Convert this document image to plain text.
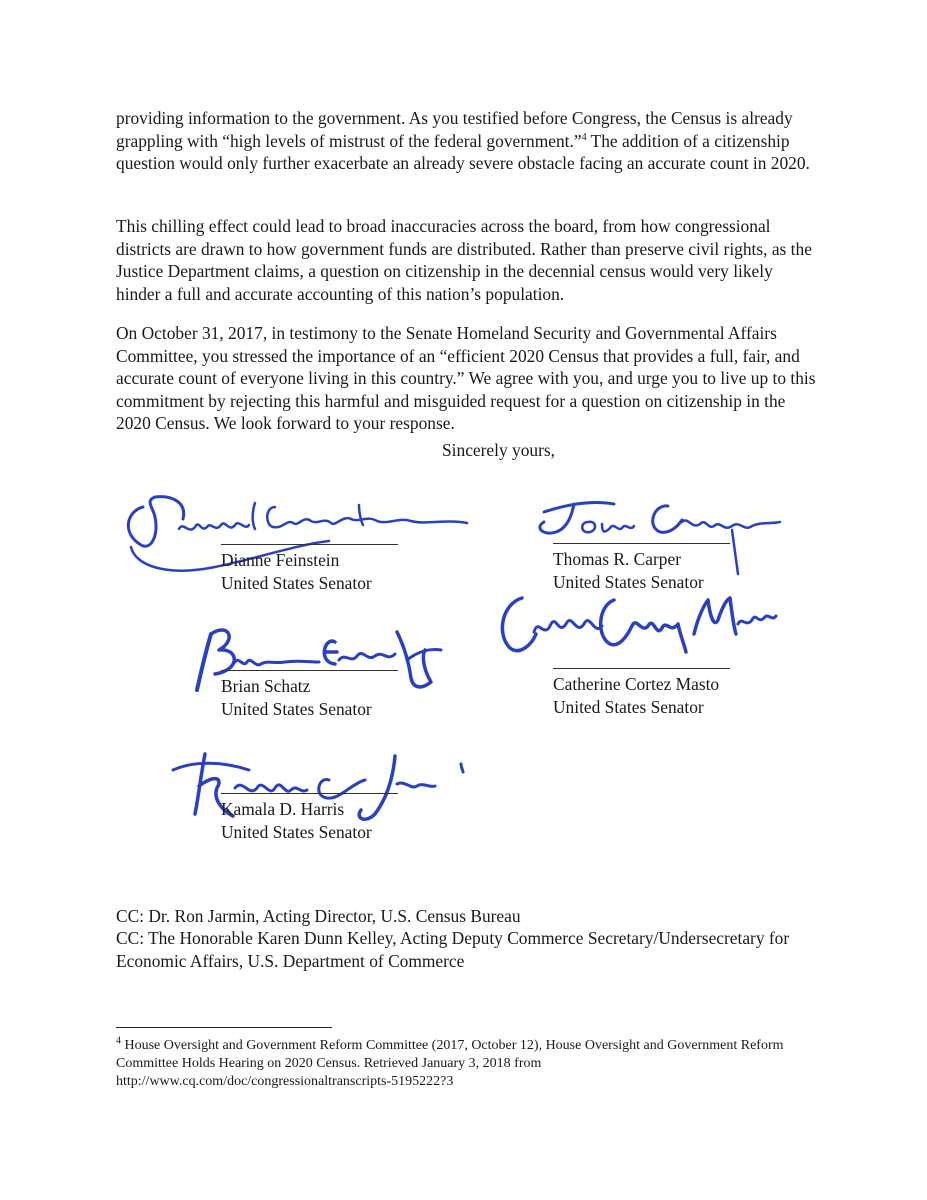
providing information to the government. As you testified before Congress, the Census is already grappling with “high levels of mistrust of the federal government.”$^4$ The addition of a citizenship question would only further exacerbate an already severe obstacle facing an accurate count in 2020.

This chilling effect could lead to broad inaccuracies across the board, from how congressional districts are drawn to how government funds are distributed. Rather than preserve civil rights, as the Justice Department claims, a question on citizenship in the decennial census would very likely hinder a full and accurate accounting of this nation’s population.

On October 31, 2017, in testimony to the Senate Homeland Security and Governmental Affairs Committee, you stressed the importance of an “efficient 2020 Census that provides a full, fair, and accurate count of everyone living in this country.” We agree with you, and urge you to live up to this commitment by rejecting this harmful and misguided request for a question on citizenship in the 2020 Census. We look forward to your response.

Sincerely yours,
Dianne Feinstein
United States Senator
Thomas R. Carper
United States Senator
Brian Schatz
United States Senator
Catherine Cortez Masto
United States Senator
Kamala D. Harris
United States Senator

CC: Dr. Ron Jarmin, Acting Director, U.S. Census Bureau

CC: The Honorable Karen Dunn Kelley, Acting Deputy Commerce Secretary/Undersecretary for Economic Affairs, U.S. Department of Commerce

$^4$ House Oversight and Government Reform Committee (2017, October 12), House Oversight and Government Reform Committee Holds Hearing on 2020 Census. Retrieved January 3, 2018 from http://www.cq.com/doc/congressionaltranscripts-5195222?3
